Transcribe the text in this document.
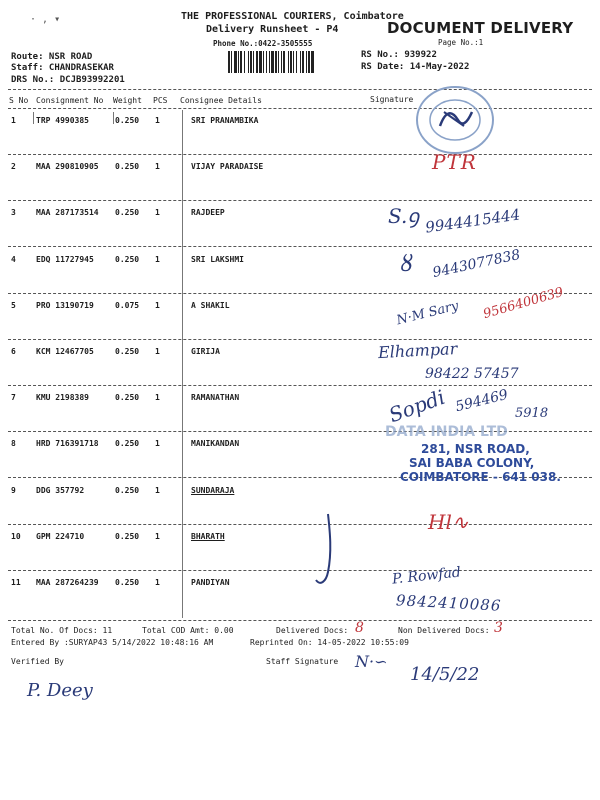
· , ▾	THE PROFESSIONAL COURIERS, Coimbatore
Delivery Runsheet - P4	DOCUMENT DELIVERY
Phone No.:0422-3505555	Page No.:1
RS No.: 939922
RS Date: 14-May-2022
Route: NSR ROAD
Staff: CHANDRASEKAR
DRS No.: DCJB93992201
S No Consignment No Weight PCS Consignee Details	Signature
1	TRP 4990385	0.250 1	SRI PRANAMBIKA
2	MAA 290810905 0.250 1	VIJAY PARADAISE
3	MAA 287173514 0.250 1	RAJDEEP
4	EDQ 11727945	0.250 1	SRI LAKSHMI
5	PRO 13190719	0.075 1	A SHAKIL
6	KCM 12467705	0.250 1	GIRIJA
7	KMU 2198389	0.250 1	RAMANATHAN
8	HRD 716391718 0.250 1	MANIKANDAN
9	DDG 357792	0.250 1	SUNDARAJA
10 GPM 224710	0.250 1	BHARATH
11 MAA 287264239 0.250 1	PANDIYAN
PTR
S.ꝯ 9944415444
ȣ 9443077838
N·M Sary 9566400639
Elhampar
98422 57457
Sopdi 594469 5918
DATA INDIA LTD
281, NSR ROAD,
SAI BABA COLONY,
COIMBATORE - 641 038.
Hl∿
P. Rowfad
9842410086
Total No. Of Docs: 11	Total COD Amt: 0.00	Delivered Docs: 8	Non Delivered Docs: 3
Entered By :SURYAP43 5/14/2022 10:48:16 AM	Reprinted On: 14-05-2022 10:55:09
Verified By	Staff Signature
P. Deey
N·∽
14/5/22
